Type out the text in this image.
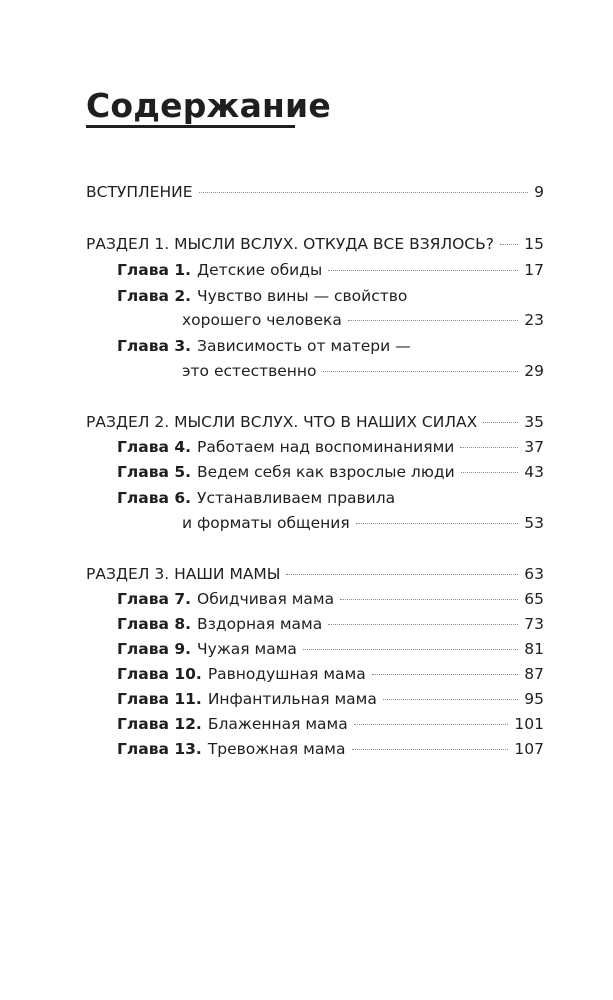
Содержание
ВСТУПЛЕНИЕ	9
РАЗДЕЛ 1. МЫСЛИ ВСЛУХ. ОТКУДА ВСЕ ВЗЯЛОСЬ? 15
Глава 1. Детские обиды	17
Глава 2. Чувство вины — свойство
хорошего человека	23
Глава 3. Зависимость от матери —
это естественно	29
РАЗДЕЛ 2. МЫСЛИ ВСЛУХ. ЧТО В НАШИХ СИЛАХ	35
Глава 4. Работаем над воспоминаниями	37
Глава 5. Ведем себя как взрослые люди	43
Глава 6. Устанавливаем правила
и форматы общения	53
РАЗДЕЛ 3. НАШИ МАМЫ	63
Глава 7. Обидчивая мама	65
Глава 8. Вздорная мама	73
Глава 9. Чужая мама	81
Глава 10. Равнодушная мама	87
Глава 11. Инфантильная мама	95
Глава 12. Блаженная мама	101
Глава 13. Тревожная мама	107
